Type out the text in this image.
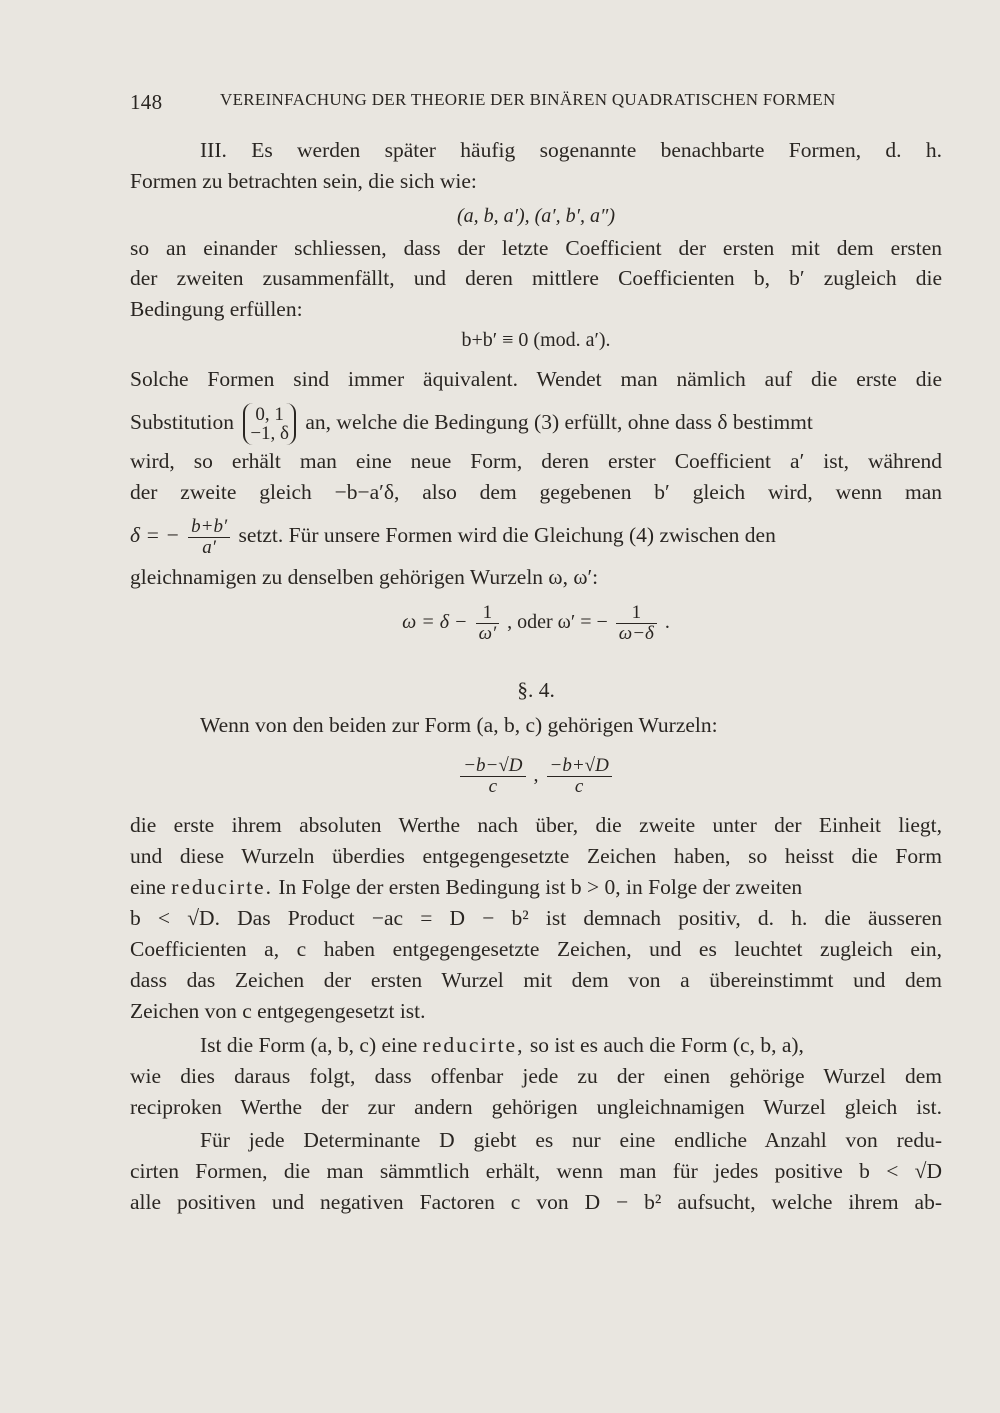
148	VEREINFACHUNG DER THEORIE DER BINÄREN QUADRATISCHEN FORMEN
III. Es werden später häufig sogenannte benachbarte Formen, d. h.
Formen zu betrachten sein, die sich wie:
(a, b, a′), (a′, b′, a″)
so an einander schliessen, dass der letzte Coefficient der ersten mit dem ersten
der zweiten zusammenfällt, und deren mittlere Coefficienten b, b′ zugleich die
Bedingung erfüllen:
b+b′ ≡ 0 (mod. a′).
Solche Formen sind immer äquivalent. Wendet man nämlich auf die erste die
Substitution 0, 1
−1, δ an, welche die Bedingung (3) erfüllt, ohne dass δ bestimmt
wird, so erhält man eine neue Form, deren erster Coefficient a′ ist, während
der zweite gleich −b−a′δ, also dem gegebenen b′ gleich wird, wenn man
δ = − $\frac{b+b'}{a'}$ setzt. Für unsere Formen wird die Gleichung (4) zwischen den
gleichnamigen zu denselben gehörigen Wurzeln ω, ω′:
$\omega = \delta - \frac{1}{\omega'}$ , oder ω′ = − $\frac{1}{\omega-\delta}$ .
§. 4.
Wenn von den beiden zur Form (a, b, c) gehörigen Wurzeln:
$\frac{-b-√D}{c}$ , $\frac{-b+√D}{c}$
die erste ihrem absoluten Werthe nach über, die zweite unter der Einheit liegt,
und diese Wurzeln überdies entgegengesetzte Zeichen haben, so heisst die Form
eine reducirte. In Folge der ersten Bedingung ist b > 0, in Folge der zweiten
b < √D. Das Product −ac = D − b² ist demnach positiv, d. h. die äusseren
Coefficienten a, c haben entgegengesetzte Zeichen, und es leuchtet zugleich ein,
dass das Zeichen der ersten Wurzel mit dem von a übereinstimmt und dem
Zeichen von c entgegengesetzt ist.
Ist die Form (a, b, c) eine reducirte, so ist es auch die Form (c, b, a),
wie dies daraus folgt, dass offenbar jede zu der einen gehörige Wurzel dem
reciproken Werthe der zur andern gehörigen ungleichnamigen Wurzel gleich ist.
Für jede Determinante D giebt es nur eine endliche Anzahl von redu-
cirten Formen, die man sämmtlich erhält, wenn man für jedes positive b < √D
alle positiven und negativen Factoren c von D − b² aufsucht, welche ihrem ab-
